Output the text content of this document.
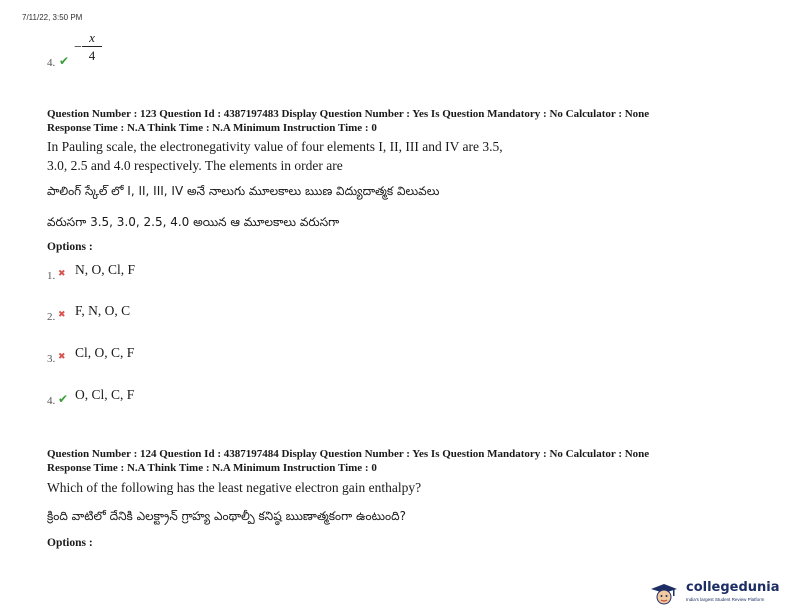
7/11/22, 3:50 PM
4. ✔
−
x
4
Question Number : 123 Question Id : 4387197483 Display Question Number : Yes Is Question Mandatory : No Calculator : None
Response Time : N.A Think Time : N.A Minimum Instruction Time : 0
In Pauling scale, the electronegativity value of four elements I, II, III and IV are 3.5,
3.0, 2.5 and 4.0 respectively. The elements in order are
పాలింగ్ స్కేల్ లో I, II, III, IV అనే నాలుగు మూలకాలు ఋణ విద్యుదాత్మక విలువలు
వరుసగా 3.5, 3.0, 2.5, 4.0 అయిన ఆ మూలకాలు వరుసగా
Options :
1. ✖ N, O, Cl, F
2. ✖ F, N, O, C
3. ✖ Cl, O, C, F
4. ✔ O, Cl, C, F
Question Number : 124 Question Id : 4387197484 Display Question Number : Yes Is Question Mandatory : No Calculator : None
Response Time : N.A Think Time : N.A Minimum Instruction Time : 0
Which of the following has the least negative electron gain enthalpy?
క్రింది వాటిలో దేనికి ఎలక్ట్రాన్ గ్రాహ్య ఎంథాల్పీ కనిష్ఠ ఋణాత్మకంగా ఉంటుంది?
Options :
collegedunia
India's largest Student Review Platform
